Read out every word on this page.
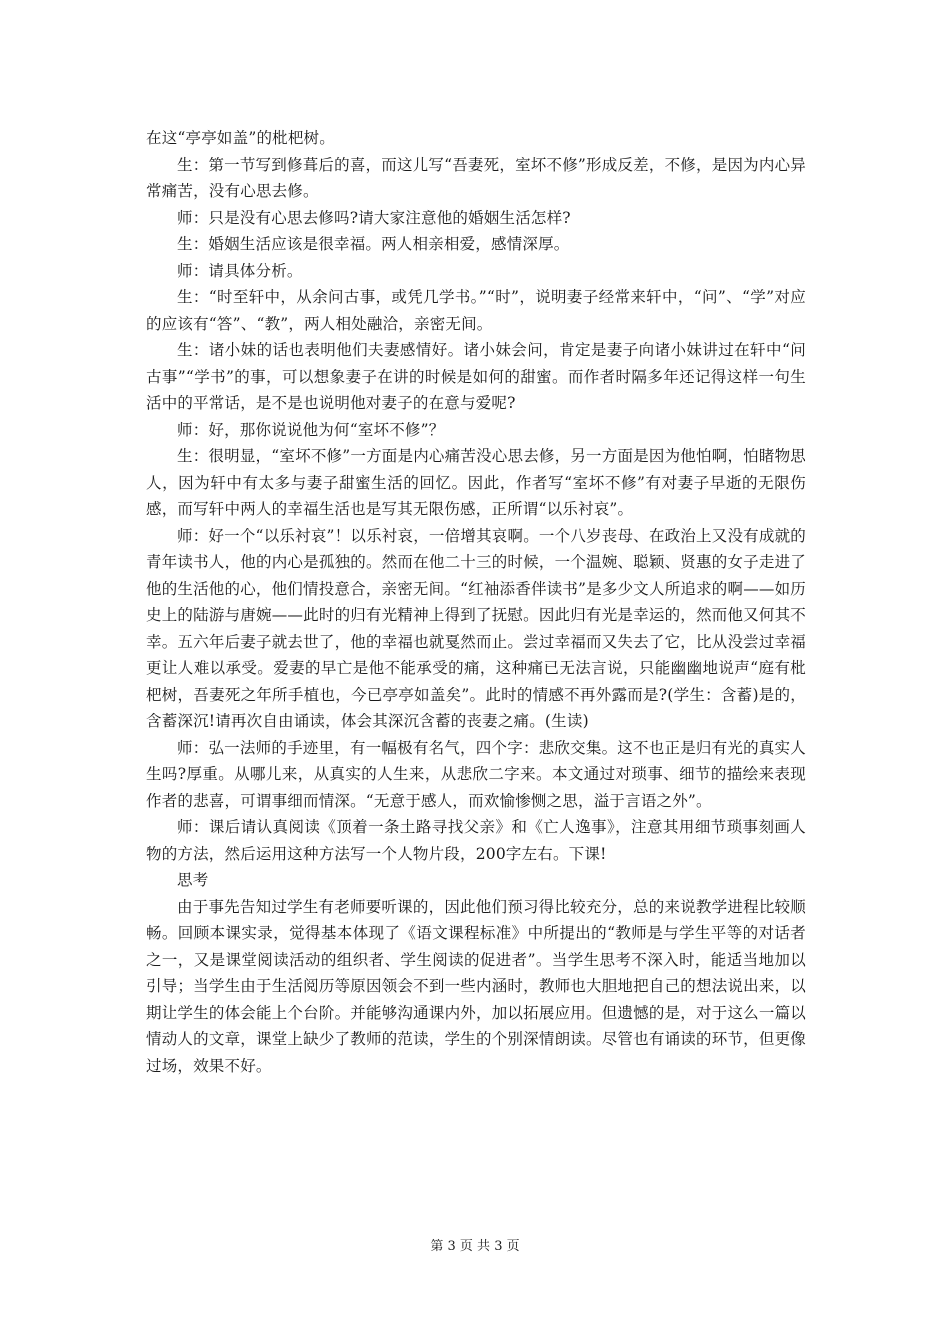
在这“亭亭如盖”的枇杷树。

生：第一节写到修葺后的喜，而这儿写“吾妻死，室坏不修”形成反差，不修，是因为内心异常痛苦，没有心思去修。

师：只是没有心思去修吗?请大家注意他的婚姻生活怎样?

生：婚姻生活应该是很幸福。两人相亲相爱，感情深厚。

师：请具体分析。

生：“时至轩中，从余问古事，或凭几学书。”“时”，说明妻子经常来轩中，“问”、“学”对应的应该有“答”、“教”，两人相处融洽，亲密无间。

生：诸小妹的话也表明他们夫妻感情好。诸小妹会问，肯定是妻子向诸小妹讲过在轩中“问古事”“学书”的事，可以想象妻子在讲的时候是如何的甜蜜。而作者时隔多年还记得这样一句生活中的平常话，是不是也说明他对妻子的在意与爱呢?

师：好，那你说说他为何“室坏不修”？

生：很明显，“室坏不修”一方面是内心痛苦没心思去修，另一方面是因为他怕啊，怕睹物思人，因为轩中有太多与妻子甜蜜生活的回忆。因此，作者写“室坏不修”有对妻子早逝的无限伤感，而写轩中两人的幸福生活也是写其无限伤感，正所谓“以乐衬哀”。

师：好一个“以乐衬哀”！以乐衬哀，一倍增其哀啊。一个八岁丧母、在政治上又没有成就的青年读书人，他的内心是孤独的。然而在他二十三的时候，一个温婉、聪颖、贤惠的女子走进了他的生活他的心，他们情投意合，亲密无间。“红袖添香伴读书”是多少文人所追求的啊——如历史上的陆游与唐婉——此时的归有光精神上得到了抚慰。因此归有光是幸运的，然而他又何其不幸。五六年后妻子就去世了，他的幸福也就戛然而止。尝过幸福而又失去了它，比从没尝过幸福更让人难以承受。爱妻的早亡是他不能承受的痛，这种痛已无法言说，只能幽幽地说声“庭有枇杷树，吾妻死之年所手植也，今已亭亭如盖矣”。此时的情感不再外露而是?(学生：含蓄)是的，含蓄深沉!请再次自由诵读，体会其深沉含蓄的丧妻之痛。(生读)

师：弘一法师的手迹里，有一幅极有名气，四个字：悲欣交集。这不也正是归有光的真实人生吗?厚重。从哪儿来，从真实的人生来，从悲欣二字来。本文通过对琐事、细节的描绘来表现作者的悲喜，可谓事细而情深。“无意于感人，而欢愉惨恻之思，溢于言语之外”。

师：课后请认真阅读《顶着一条土路寻找父亲》和《亡人逸事》，注意其用细节琐事刻画人物的方法，然后运用这种方法写一个人物片段，200字左右。下课!

思考

由于事先告知过学生有老师要听课的，因此他们预习得比较充分，总的来说教学进程比较顺畅。回顾本课实录，觉得基本体现了《语文课程标准》中所提出的“教师是与学生平等的对话者之一，又是课堂阅读活动的组织者、学生阅读的促进者”。当学生思考不深入时，能适当地加以引导；当学生由于生活阅历等原因领会不到一些内涵时，教师也大胆地把自己的想法说出来，以期让学生的体会能上个台阶。并能够沟通课内外，加以拓展应用。但遗憾的是，对于这么一篇以情动人的文章，课堂上缺少了教师的范读，学生的个别深情朗读。尽管也有诵读的环节，但更像过场，效果不好。

第 3 页 共 3 页
